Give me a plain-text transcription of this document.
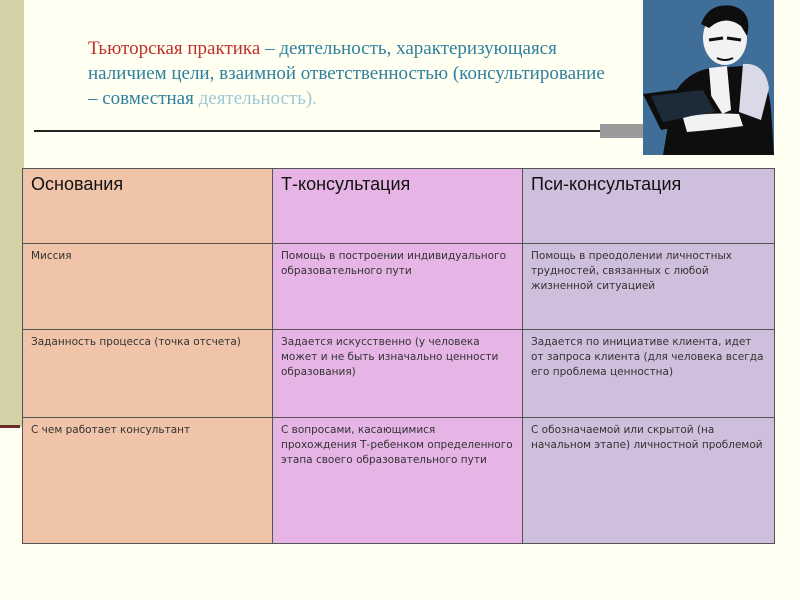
Тьюторская практика – деятельность, характеризующаяся наличием цели, взаимной ответственностью (консультирование – совместная деятельность).

Основания	Т-консультация	Пси-консультация
Миссия	Помощь в построении индивидуального образовательного пути	Помощь в преодолении личностных трудностей, связанных с любой жизненной ситуацией
Заданность процесса (точка отсчета)	Задается искусственно (у человека может и не быть изначально ценности образования)	Задается по инициативе клиента, идет от запроса клиента (для человека всегда его проблема ценностна)
С чем работает консультант	С вопросами, касающимися прохождения Т-ребенком определенного этапа своего образовательного пути	С обозначаемой или скрытой (на начальном этапе) личностной проблемой
